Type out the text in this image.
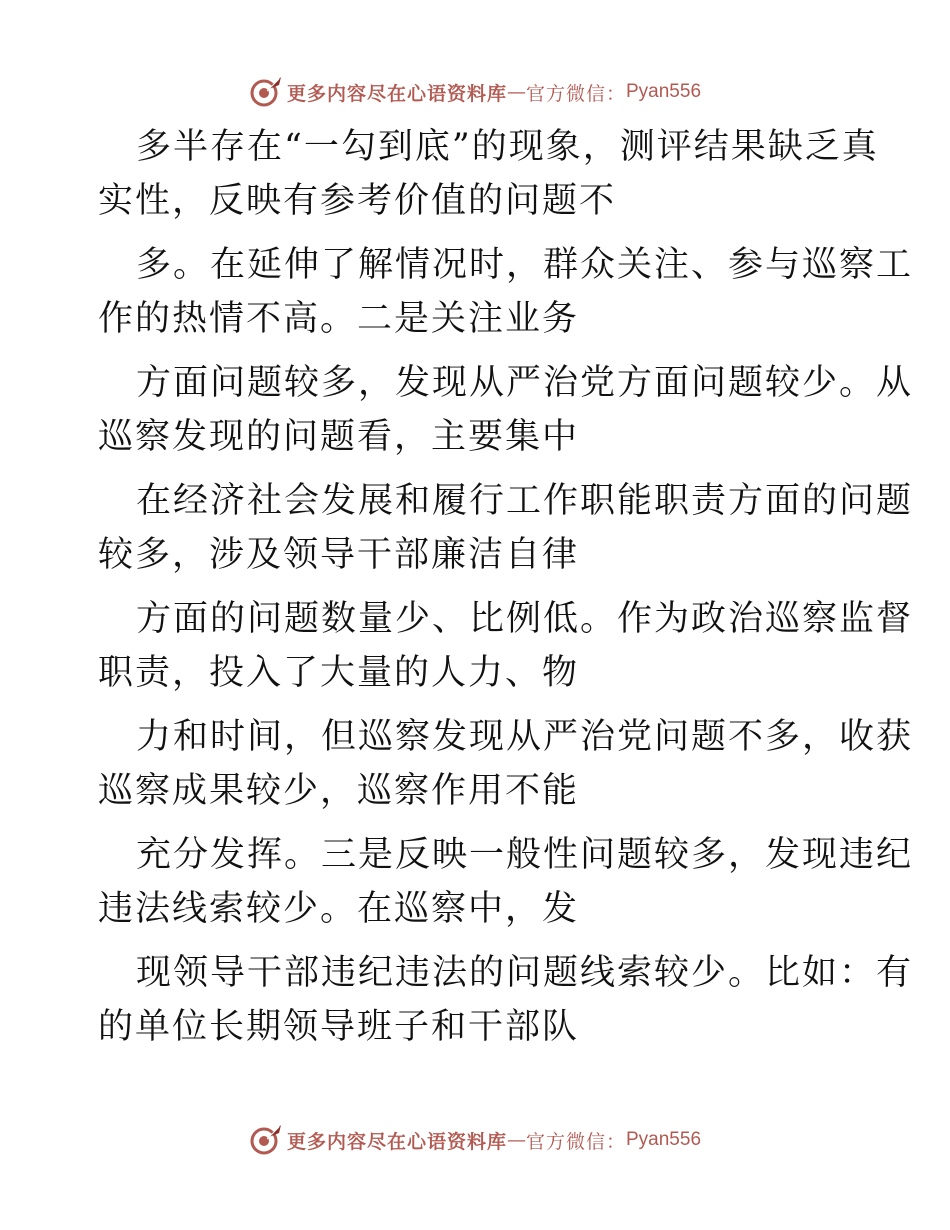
更多内容尽在心语资料库 — 官方微信： Pyan556
多半存在“一勾到底”的现象，测评结果缺乏真
实性，反映有参考价值的问题不
多。在延伸了解情况时，群众关注、参与巡察工
作的热情不高。二是关注业务
方面问题较多，发现从严治党方面问题较少。从
巡察发现的问题看，主要集中
在经济社会发展和履行工作职能职责方面的问题
较多，涉及领导干部廉洁自律
方面的问题数量少、比例低。作为政治巡察监督
职责，投入了大量的人力、物
力和时间，但巡察发现从严治党问题不多，收获
巡察成果较少，巡察作用不能
充分发挥。三是反映一般性问题较多，发现违纪
违法线索较少。在巡察中，发
现领导干部违纪违法的问题线索较少。比如：有
的单位长期领导班子和干部队
更多内容尽在心语资料库 — 官方微信： Pyan556
